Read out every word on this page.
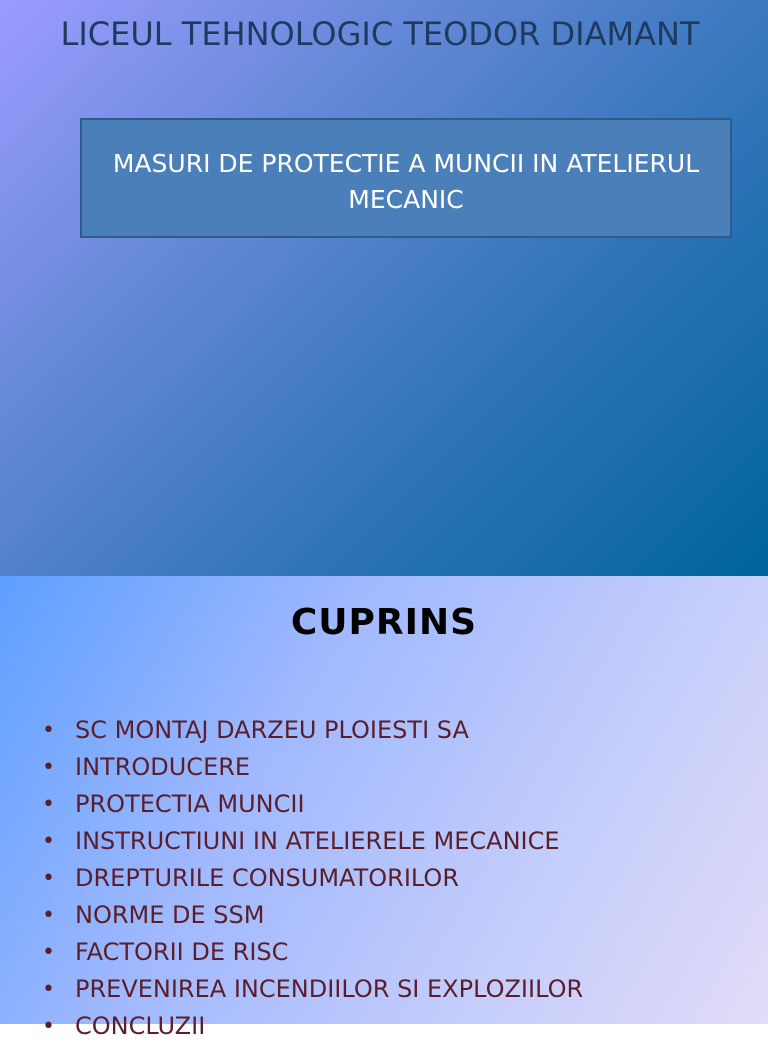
LICEUL TEHNOLOGIC TEODOR DIAMANT
MASURI DE PROTECTIE A MUNCII IN ATELIERUL MECANIC
CUPRINS
• SC MONTAJ DARZEU PLOIESTI SA
• INTRODUCERE
• PROTECTIA MUNCII
• INSTRUCTIUNI IN ATELIERELE MECANICE
• DREPTURILE CONSUMATORILOR
• NORME DE SSM
• FACTORII DE RISC
• PREVENIREA INCENDIILOR SI EXPLOZIILOR
• CONCLUZII
